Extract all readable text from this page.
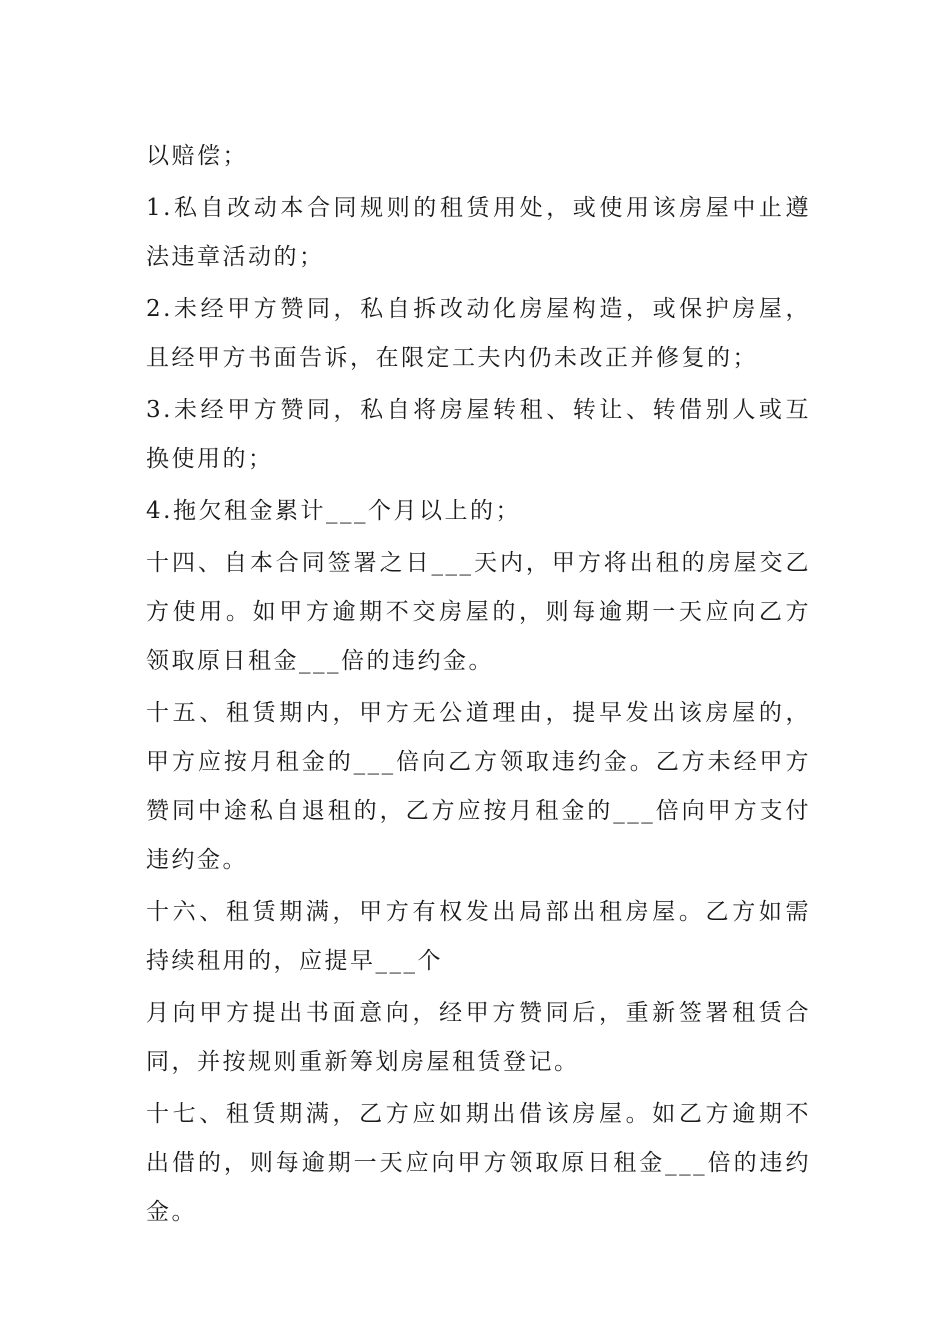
以赔偿；
1.私自改动本合同规则的租赁用处，或使用该房屋中止遵
法违章活动的；
2.未经甲方赞同，私自拆改动化房屋构造，或保护房屋，
且经甲方书面告诉，在限定工夫内仍未改正并修复的；
3.未经甲方赞同，私自将房屋转租、转让、转借别人或互
换使用的；
4.拖欠租金累计___个月以上的；
十四、自本合同签署之日___天内，甲方将出租的房屋交乙
方使用。如甲方逾期不交房屋的，则每逾期一天应向乙方
领取原日租金___倍的违约金。
十五、租赁期内，甲方无公道理由，提早发出该房屋的，
甲方应按月租金的___倍向乙方领取违约金。乙方未经甲方
赞同中途私自退租的，乙方应按月租金的___倍向甲方支付
违约金。
十六、租赁期满，甲方有权发出局部出租房屋。乙方如需
持续租用的，应提早___个
月向甲方提出书面意向，经甲方赞同后，重新签署租赁合
同，并按规则重新筹划房屋租赁登记。
十七、租赁期满，乙方应如期出借该房屋。如乙方逾期不
出借的，则每逾期一天应向甲方领取原日租金___倍的违约
金。
